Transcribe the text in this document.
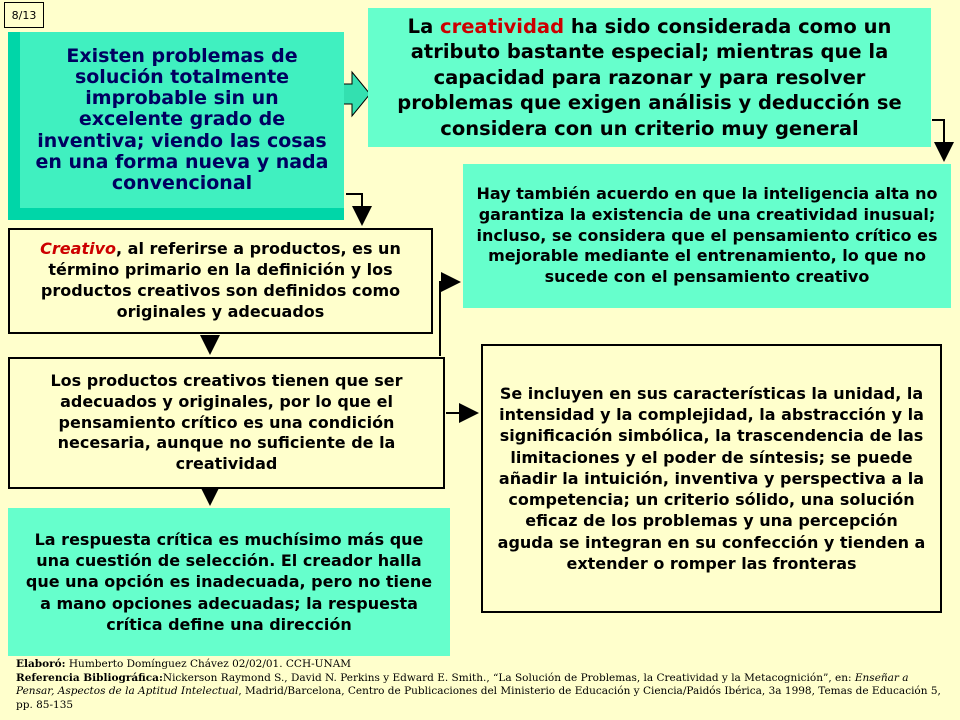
8/13
Existen problemas de solución totalmente improbable sin un excelente grado de inventiva; viendo las cosas en una forma nueva y nada convencional
La creatividad ha sido considerada como un atributo bastante especial; mientras que la capacidad para razonar y para resolver problemas que exigen análisis y deducción se considera con un criterio muy general
Hay también acuerdo en que la inteligencia alta no garantiza la existencia de una creatividad inusual; incluso, se considera que el pensamiento crítico es mejorable mediante el entrenamiento, lo que no sucede con el pensamiento creativo
Creativo, al referirse a productos, es un término primario en la definición y los productos creativos son definidos como originales y adecuados
Los productos creativos tienen que ser adecuados y originales, por lo que el pensamiento crítico es una condición necesaria, aunque no suficiente de la creatividad
Se incluyen en sus características la unidad, la intensidad y la complejidad, la abstracción y la significación simbólica, la trascendencia de las limitaciones y el poder de síntesis; se puede añadir la intuición, inventiva y perspectiva a la competencia; un criterio sólido, una solución eficaz de los problemas y una percepción aguda se integran en su confección y tienden a extender o romper las fronteras
La respuesta crítica es muchísimo más que una cuestión de selección. El creador halla que una opción es inadecuada, pero no tiene a mano opciones adecuadas; la respuesta crítica define una dirección
Elaboró: Humberto Domínguez Chávez 02/02/01. CCH-UNAM
Referencia Bibliográfica:Nickerson Raymond S., David N. Perkins y Edward E. Smith., “La Solución de Problemas, la Creatividad y la Metacognición”, en: Enseñar a Pensar, Aspectos de la Aptitud Intelectual, Madrid/Barcelona, Centro de Publicaciones del Ministerio de Educación y Ciencia/Paidós Ibérica, 3a 1998, Temas de Educación 5, pp. 85-135
